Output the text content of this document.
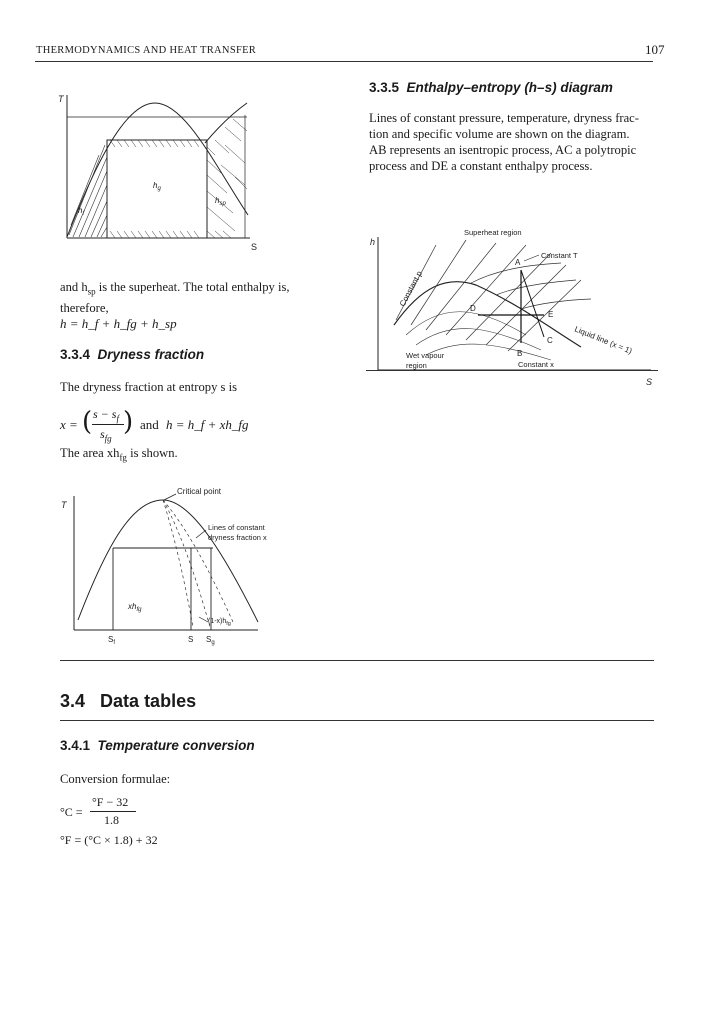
THERMODYNAMICS AND HEAT TRANSFER	107
T
S
$h_g$
$h_{sp}$
$h_f$
and $h_{sp}$ is the superheat. The total enthalpy is,
therefore,
h = h_f + h_fg + h_sp
3.3.4 Dryness fraction
The dryness fraction at entropy s is
x = ( $s - s_f$
$s_{fg}$
) and h = h_f + xh_fg
The area $xh_{fg}$ is shown.
T
Critical point
Lines of constant
dryness fraction x
$xh_{fg}$
$(1-x)h_{fg}$
$S_f$	S $S_g$
3.3.5 Enthalpy–entropy (h–s) diagram
Lines of constant pressure, temperature, dryness frac-
tion and specific volume are shown on the diagram.
AB represents an isentropic process, AC a polytropic
process and DE a constant enthalpy process.
Superheat region
h
S
Constant T
Constant p
Liquid line (x = 1)
Wet vapour
region	Constant x
A
B
C
D
E
3.4 Data tables
3.4.1 Temperature conversion
Conversion formulae:
°C =
°F − 32
1.8
°F = (°C × 1.8) + 32
